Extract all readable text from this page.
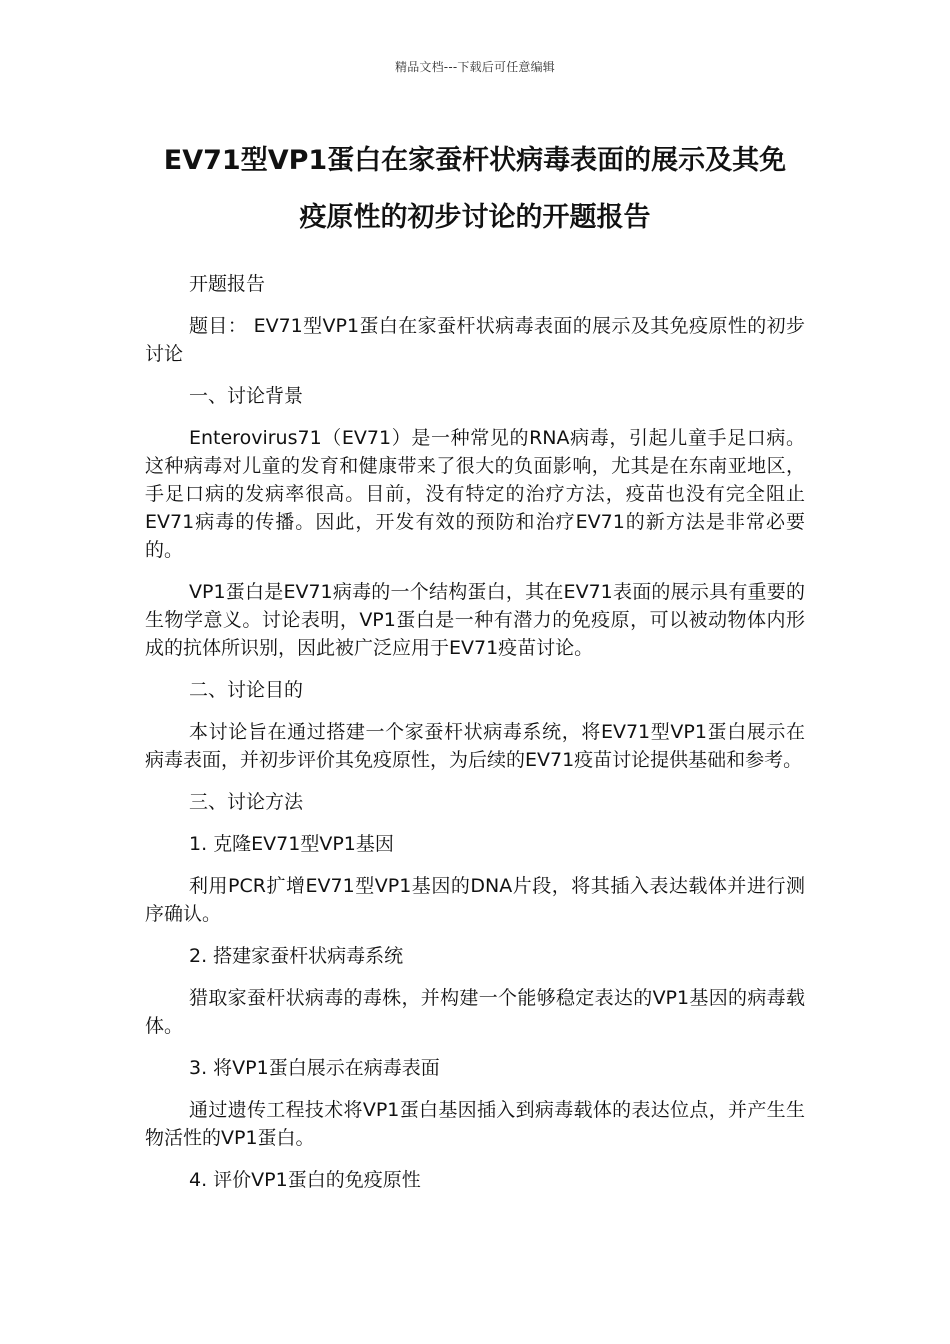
精品文档---下载后可任意编辑
EV71型VP1蛋白在家蚕杆状病毒表面的展示及其免
疫原性的初步讨论的开题报告

开题报告

题目： EV71型VP1蛋白在家蚕杆状病毒表面的展示及其免疫原性的初步讨论

一、讨论背景

Enterovirus71（EV71）是一种常见的RNA病毒，引起儿童手足口病。这种病毒对儿童的发育和健康带来了很大的负面影响，尤其是在东南亚地区，手足口病的发病率很高。目前，没有特定的治疗方法，疫苗也没有完全阻止EV71病毒的传播。因此，开发有效的预防和治疗EV71的新方法是非常必要的。

VP1蛋白是EV71病毒的一个结构蛋白，其在EV71表面的展示具有重要的生物学意义。讨论表明，VP1蛋白是一种有潜力的免疫原，可以被动物体内形成的抗体所识别，因此被广泛应用于EV71疫苗讨论。

二、讨论目的

本讨论旨在通过搭建一个家蚕杆状病毒系统，将EV71型VP1蛋白展示在病毒表面，并初步评价其免疫原性，为后续的EV71疫苗讨论提供基础和参考。

三、讨论方法

1. 克隆EV71型VP1基因

利用PCR扩增EV71型VP1基因的DNA片段，将其插入表达载体并进行测序确认。

2. 搭建家蚕杆状病毒系统

猎取家蚕杆状病毒的毒株，并构建一个能够稳定表达的VP1基因的病毒载体。

3. 将VP1蛋白展示在病毒表面

通过遗传工程技术将VP1蛋白基因插入到病毒载体的表达位点，并产生生物活性的VP1蛋白。

4. 评价VP1蛋白的免疫原性
